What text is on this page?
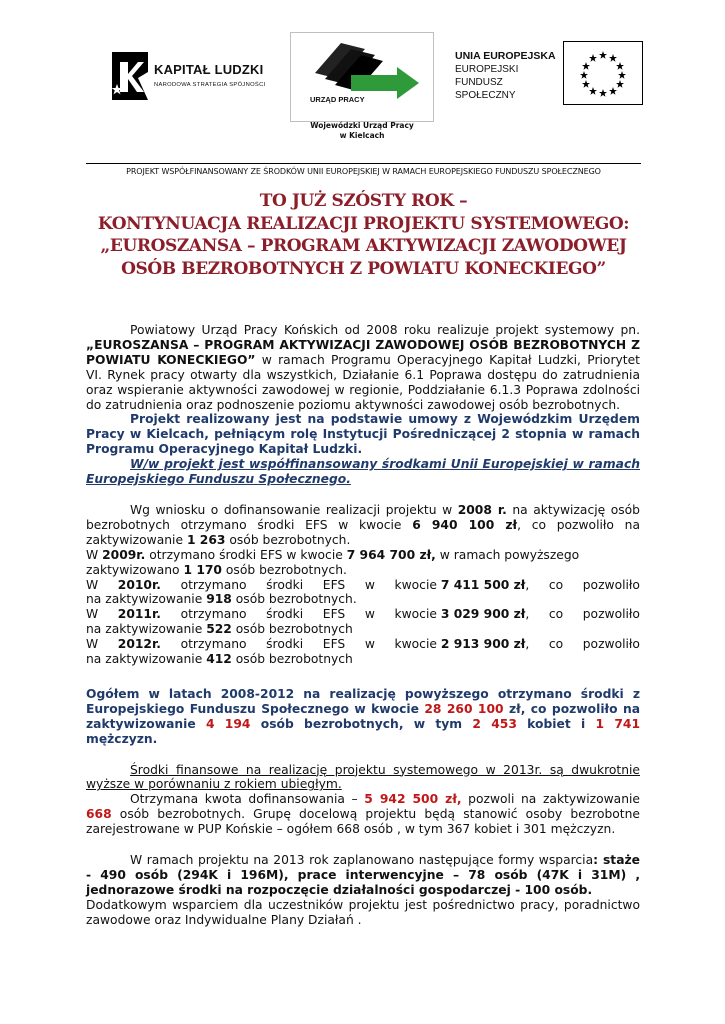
KAPITAŁ LUDZKI
NARODOWA STRATEGIA SPÓJNOŚCI
URZĄD PRACY
Wojewódzki Urząd Pracy
w Kielcach
UNIA EUROPEJSKA
EUROPEJSKI
FUNDUSZ SPOŁECZNY
PROJEKT WSPÓŁFINANSOWANY ZE ŚRODKÓW UNII EUROPEJSKIEJ W RAMACH EUROPEJSKIEGO FUNDUSZU SPOŁECZNEGO
TO JUŻ SZÓSTY ROK –
KONTYNUACJA REALIZACJI PROJEKTU SYSTEMOWEGO:
„EUROSZANSA – PROGRAM AKTYWIZACJI ZAWODOWEJ
OSÓB BEZROBOTNYCH Z POWIATU KONECKIEGO”

Powiatowy Urząd Pracy Końskich od 2008 roku realizuje projekt systemowy pn. „EUROSZANSA – PROGRAM AKTYWIZACJI ZAWODOWEJ OSÓB BEZROBOTNYCH Z POWIATU KONECKIEGO” w ramach Programu Operacyjnego Kapitał Ludzki, Priorytet VI. Rynek pracy otwarty dla wszystkich, Działanie 6.1 Poprawa dostępu do zatrudnienia oraz wspieranie aktywności zawodowej w regionie, Poddziałanie 6.1.3 Poprawa zdolności do zatrudnienia oraz podnoszenie poziomu aktywności zawodowej osób bezrobotnych.

Projekt realizowany jest na podstawie umowy z Wojewódzkim Urzędem Pracy w Kielcach, pełniącym rolę Instytucji Pośredniczącej 2 stopnia w ramach Programu Operacyjnego Kapitał Ludzki.

W/w projekt jest współfinansowany środkami Unii Europejskiej w ramach Europejskiego Funduszu Społecznego.

Wg wniosku o dofinansowanie realizacji projektu w 2008 r. na aktywizację osób bezrobotnych otrzymano środki EFS w kwocie 6 940 100 zł, co pozwoliło na zaktywizowanie 1 263 osób bezrobotnych.

W 2009r. otrzymano środki EFS w kwocie 7 964 700 zł, w ramach powyższego

zaktywizowano 1 170 osób bezrobotnych.

W 2010r. otrzymano środki EFS w kwocie 7 411 500 zł, co pozwoliło

na zaktywizowanie 918 osób bezrobotnych.

W 2011r. otrzymano środki EFS w kwocie 3 029 900 zł, co pozwoliło

na zaktywizowanie 522 osób bezrobotnych

W 2012r. otrzymano środki EFS w kwocie 2 913 900 zł, co pozwoliło

na zaktywizowanie 412 osób bezrobotnych

Ogółem w latach 2008-2012 na realizację powyższego otrzymano środki z Europejskiego Funduszu Społecznego w kwocie 28 260 100 zł, co pozwoliło na zaktywizowanie 4 194 osób bezrobotnych, w tym 2 453 kobiet i 1 741 mężczyzn.

Środki finansowe na realizację projektu systemowego w 2013r. są dwukrotnie wyższe w porównaniu z rokiem ubiegłym.

Otrzymana kwota dofinansowania – 5 942 500 zł, pozwoli na zaktywizowanie 668 osób bezrobotnych. Grupę docelową projektu będą stanowić osoby bezrobotne zarejestrowane w PUP Końskie – ogółem 668 osób , w tym 367 kobiet i 301 mężczyzn.

W ramach projektu na 2013 rok zaplanowano następujące formy wsparcia: staże - 490 osób (294K i 196M), prace interwencyjne – 78 osób (47K i 31M) , jednorazowe środki na rozpoczęcie działalności gospodarczej - 100 osób.

Dodatkowym wsparciem dla uczestników projektu jest pośrednictwo pracy, poradnictwo zawodowe oraz Indywidualne Plany Działań .
